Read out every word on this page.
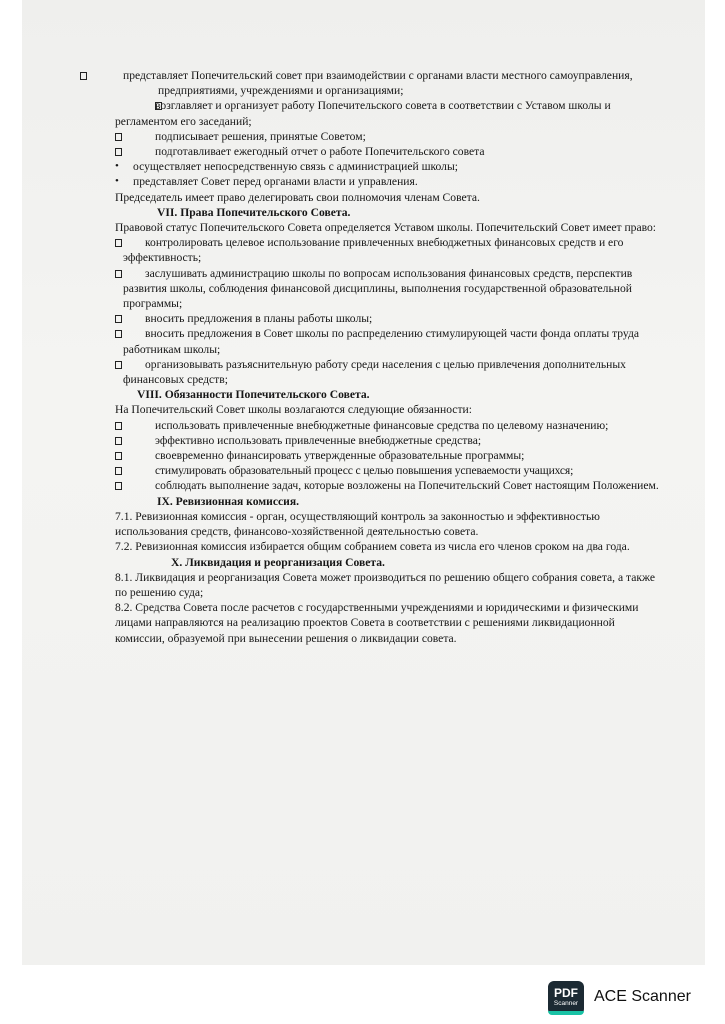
представляет Попечительский совет при взаимодействии с органами власти местного самоуправления, предприятиями, учреждениями и организациями;

возглавляет и организует работу Попечительского совета в соответствии с Уставом школы и регламентом его заседаний;

подписывает решения, принятые Советом;

подготавливает ежегодный отчет о работе Попечительского совета

• осуществляет непосредственную связь с администрацией школы;

• представляет Совет перед органами власти и управления.

Председатель имеет право делегировать свои полномочия членам Совета.

VII. Права Попечительского Совета.

Правовой статус Попечительского Совета определяется Уставом школы. Попечительский Совет имеет право:

контролировать целевое использование привлеченных внебюджетных финансовых средств и его эффективность;

заслушивать администрацию школы по вопросам использования финансовых средств, перспектив развития школы, соблюдения финансовой дисциплины, выполнения государственной образовательной программы;

вносить предложения в планы работы школы;

вносить предложения в Совет школы по распределению стимулирующей части фонда оплаты труда работникам школы;

организовывать разъяснительную работу среди населения с целью привлечения дополнительных финансовых средств;

VIII. Обязанности Попечительского Совета.

На Попечительский Совет школы возлагаются следующие обязанности:

использовать привлеченные внебюджетные финансовые средства по целевому назначению;

эффективно использовать привлеченные внебюджетные средства;

своевременно финансировать утвержденные образовательные программы;

стимулировать образовательный процесс с целью повышения успеваемости учащихся;

соблюдать выполнение задач, которые возложены на Попечительский Совет настоящим Положением.

IX. Ревизионная комиссия.

7.1. Ревизионная комиссия - орган, осуществляющий контроль за законностью и эффективностью использования средств, финансово-хозяйственной деятельностью совета.

7.2. Ревизионная комиссия избирается общим собранием совета из числа его членов сроком на два года.

X. Ликвидация и реорганизация Совета.

8.1. Ликвидация и реорганизация Совета может производиться по решению общего собрания совета, а также по решению суда;

8.2. Средства Совета после расчетов с государственными учреждениями и юридическими и физическими лицами направляются на реализацию проектов Совета в соответствии с решениями ликвидационной комиссии, образуемой при вынесении решения о ликвидации совета.

PDF
Scanner ACE Scanner
